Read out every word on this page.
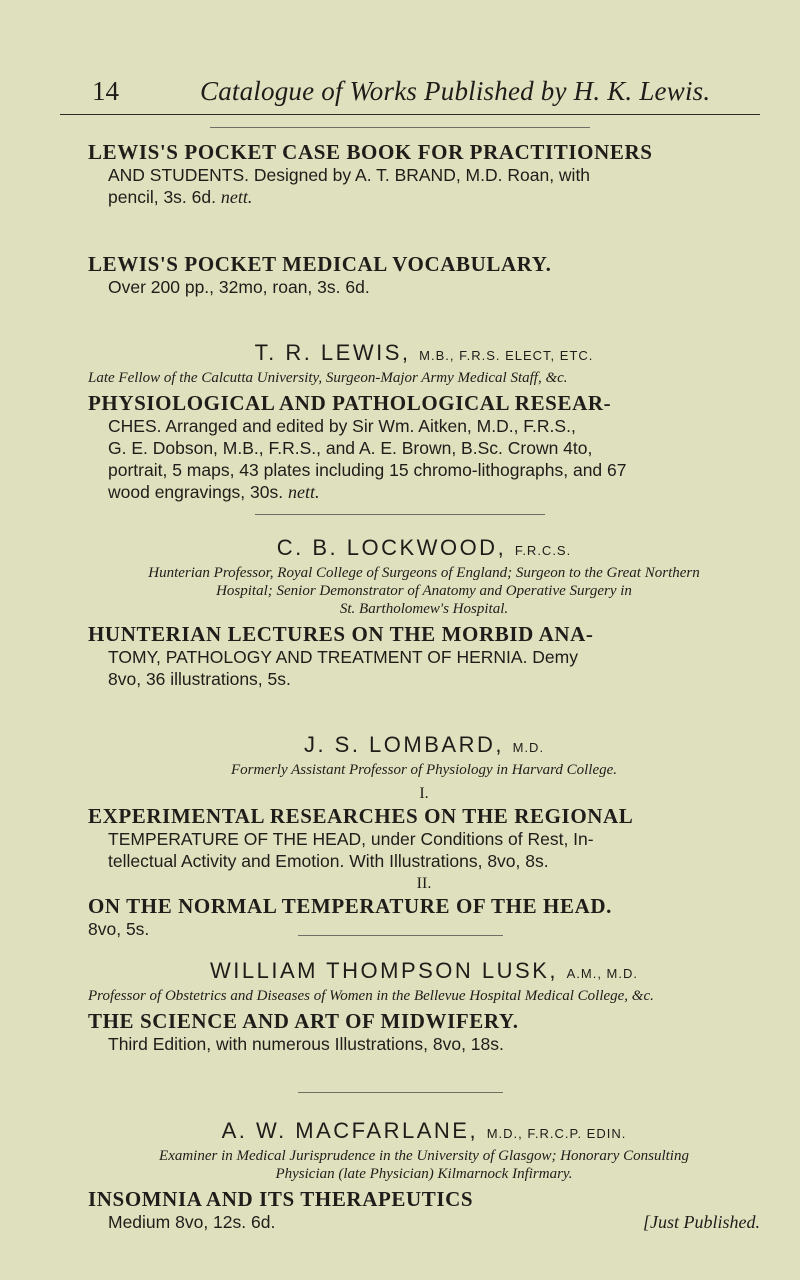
14	Catalogue of Works Published by H. K. Lewis.
LEWIS'S POCKET CASE BOOK FOR PRACTITIONERS
AND STUDENTS. Designed by A. T. BRAND, M.D. Roan, with
pencil, 3s. 6d. nett.
LEWIS'S POCKET MEDICAL VOCABULARY.
Over 200 pp., 32mo, roan, 3s. 6d.
T. R. LEWIS, M.B., F.R.S. ELECT, ETC.
Late Fellow of the Calcutta University, Surgeon-Major Army Medical Staff, &c.
PHYSIOLOGICAL AND PATHOLOGICAL RESEAR-
CHES. Arranged and edited by Sir Wm. Aitken, M.D., F.R.S.,
G. E. Dobson, M.B., F.R.S., and A. E. Brown, B.Sc. Crown 4to,
portrait, 5 maps, 43 plates including 15 chromo-lithographs, and 67
wood engravings, 30s. nett.
C. B. LOCKWOOD, F.R.C.S.
Hunterian Professor, Royal College of Surgeons of England; Surgeon to the Great Northern
Hospital; Senior Demonstrator of Anatomy and Operative Surgery in
St. Bartholomew's Hospital.
HUNTERIAN LECTURES ON THE MORBID ANA-
TOMY, PATHOLOGY AND TREATMENT OF HERNIA. Demy
8vo, 36 illustrations, 5s.
J. S. LOMBARD, M.D.
Formerly Assistant Professor of Physiology in Harvard College.
I.
EXPERIMENTAL RESEARCHES ON THE REGIONAL
TEMPERATURE OF THE HEAD, under Conditions of Rest, In-
tellectual Activity and Emotion. With Illustrations, 8vo, 8s.
II.
ON THE NORMAL TEMPERATURE OF THE HEAD.
8vo, 5s.
WILLIAM THOMPSON LUSK, A.M., M.D.
Professor of Obstetrics and Diseases of Women in the Bellevue Hospital Medical College, &c.
THE SCIENCE AND ART OF MIDWIFERY.
Third Edition, with numerous Illustrations, 8vo, 18s.
A. W. MACFARLANE, M.D., F.R.C.P. EDIN.
Examiner in Medical Jurisprudence in the University of Glasgow; Honorary Consulting
Physician (late Physician) Kilmarnock Infirmary.
INSOMNIA AND ITS THERAPEUTICS
Medium 8vo, 12s. 6d.	[Just Published.
